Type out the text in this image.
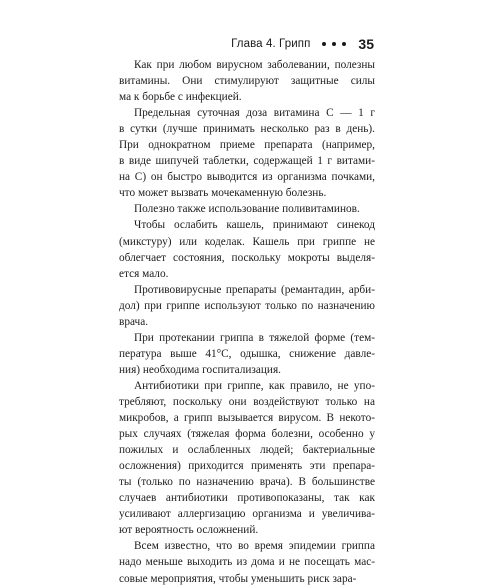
Глава 4. Грипп	35

Как при любом вирусном заболевании, полезны
витамины. Они стимулируют защитные силы
ма к борьбе с инфекцией.

Предельная суточная доза витамина С — 1 г
в сутки (лучше принимать несколько раз в день).
При однократном приеме препарата (например,
в виде шипучей таблетки, содержащей 1 г витами-
на С) он быстро выводится из организма почками,
что может вызвать мочекаменную болезнь.

Полезно также использование поливитаминов.

Чтобы ослабить кашель, принимают синекод
(микстуру) или коделак. Кашель при гриппе не
облегчает состояния, поскольку мокроты выделя-
ется мало.

Противовирусные препараты (ремантадин, арби-
дол) при гриппе используют только по назначению
врача.

При протекании гриппа в тяжелой форме (тем-
пература выше 41°С, одышка, снижение давле-
ния) необходима госпитализация.

Антибиотики при гриппе, как правило, не упо-
требляют, поскольку они воздействуют только на
микробов, а грипп вызывается вирусом. В некото-
рых случаях (тяжелая форма болезни, особенно у
пожилых и ослабленных людей; бактериальные
осложнения) приходится применять эти препара-
ты (только по назначению врача). В большинстве
случаев антибиотики противопоказаны, так как
усиливают аллергизацию организма и увеличива-
ют вероятность осложнений.

Всем известно, что во время эпидемии гриппа
надо меньше выходить из дома и не посещать мас-
совые мероприятия, чтобы уменьшить риск зара-
